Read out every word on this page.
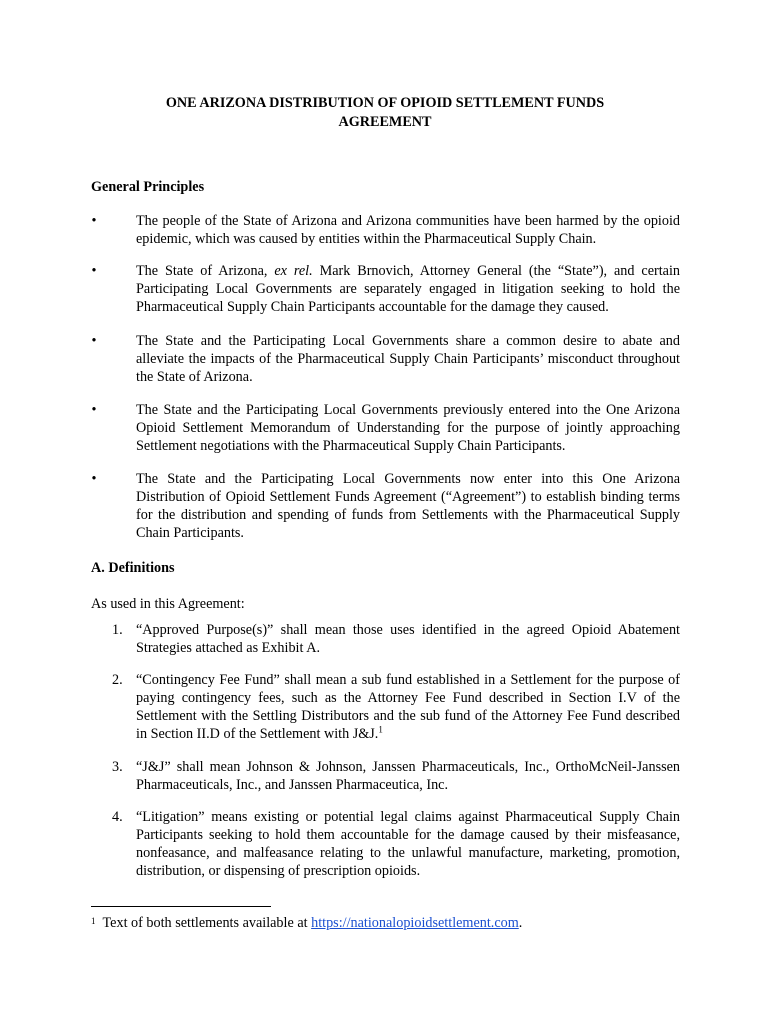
ONE ARIZONA DISTRIBUTION OF OPIOID SETTLEMENT FUNDS
AGREEMENT
General Principles
•	The people of the State of Arizona and Arizona communities have been harmed by the opioid epidemic, which was caused by entities within the Pharmaceutical Supply Chain.
•	The State of Arizona, ex rel. Mark Brnovich, Attorney General (the “State”), and certain Participating Local Governments are separately engaged in litigation seeking to hold the Pharmaceutical Supply Chain Participants accountable for the damage they caused.
•	The State and the Participating Local Governments share a common desire to abate and alleviate the impacts of the Pharmaceutical Supply Chain Participants’ misconduct throughout the State of Arizona.
•	The State and the Participating Local Governments previously entered into the One Arizona Opioid Settlement Memorandum of Understanding for the purpose of jointly approaching Settlement negotiations with the Pharmaceutical Supply Chain Participants.
•	The State and the Participating Local Governments now enter into this One Arizona Distribution of Opioid Settlement Funds Agreement (“Agreement”) to establish binding terms for the distribution and spending of funds from Settlements with the Pharmaceutical Supply Chain Participants.
A. Definitions
As used in this Agreement:
1. “Approved Purpose(s)” shall mean those uses identified in the agreed Opioid Abatement Strategies attached as Exhibit A.
2. “Contingency Fee Fund” shall mean a sub fund established in a Settlement for the purpose of paying contingency fees, such as the Attorney Fee Fund described in Section I.V of the Settlement with the Settling Distributors and the sub fund of the Attorney Fee Fund described in Section II.D of the Settlement with J&J.$^1$
3. “J&J” shall mean Johnson & Johnson, Janssen Pharmaceuticals, Inc., OrthoMcNeil-Janssen Pharmaceuticals, Inc., and Janssen Pharmaceutica, Inc.
4. “Litigation” means existing or potential legal claims against Pharmaceutical Supply Chain Participants seeking to hold them accountable for the damage caused by their misfeasance, nonfeasance, and malfeasance relating to the unlawful manufacture, marketing, promotion, distribution, or dispensing of prescription opioids.
$^1$ Text of both settlements available at https://nationalopioidsettlement.com.
